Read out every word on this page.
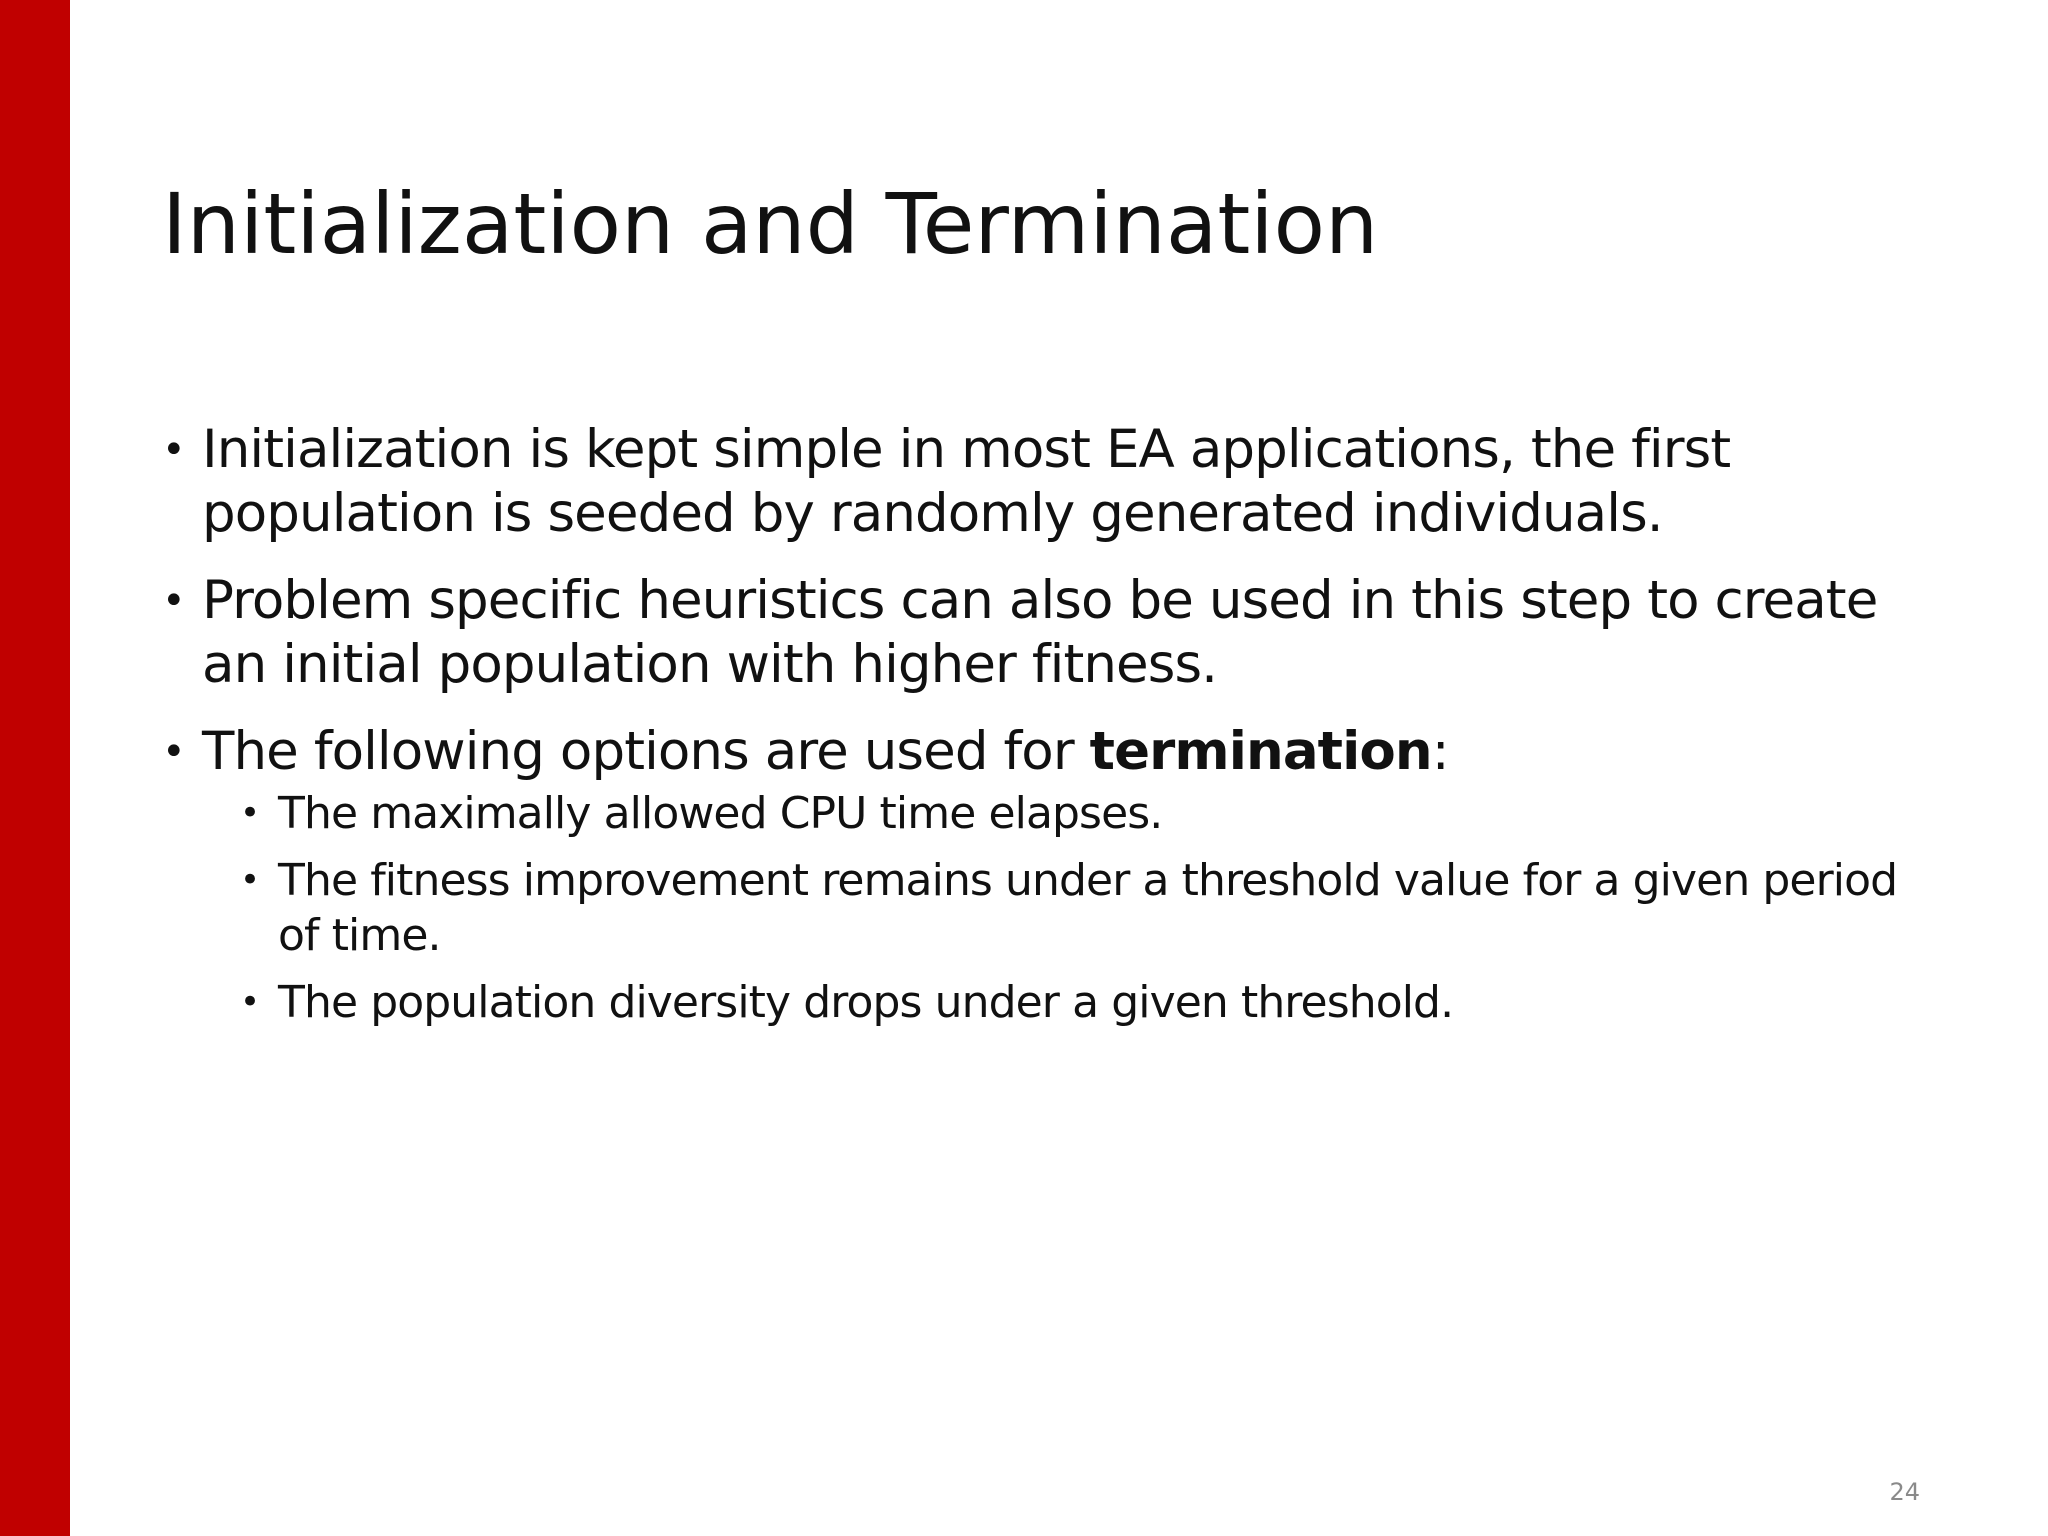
Initialization and Termination
• Initialization is kept simple in most EA applications, the first population is seeded by randomly generated individuals.
• Problem specific heuristics can also be used in this step to create an initial population with higher fitness.
• The following options are used for termination:
• The maximally allowed CPU time elapses.
• The fitness improvement remains under a threshold value for a given period of time.
• The population diversity drops under a given threshold.
24
